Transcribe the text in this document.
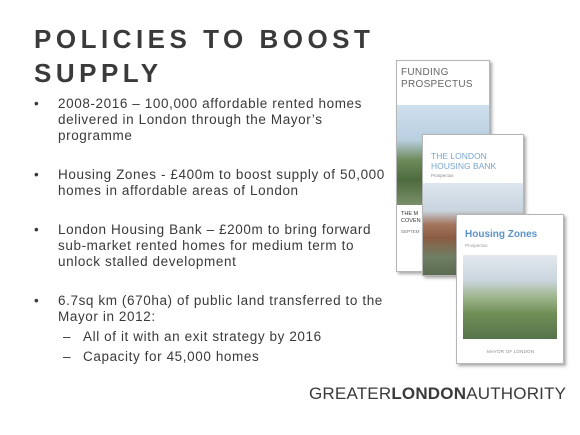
POLICIES TO BOOST
SUPPLY
• 2008-2016 – 100,000 affordable rented homes delivered in London through the Mayor’s programme
• Housing Zones - £400m to boost supply of 50,000 homes in affordable areas of London
• London Housing Bank – £200m to bring forward sub-market rented homes for medium term to unlock stalled development
• 6.7sq km (670ha) of public land transferred to the Mayor in 2012:
– All of it with an exit strategy by 2016
– Capacity for 45,000 homes
FUNDING
PROSPECTUS
THE M
COVEN
SEPTEM
THE LONDON
HOUSING BANK
Prospectus
Housing Zones
Prospectus
MAYOR OF LONDON
GREATERLONDONAUTHORITY
